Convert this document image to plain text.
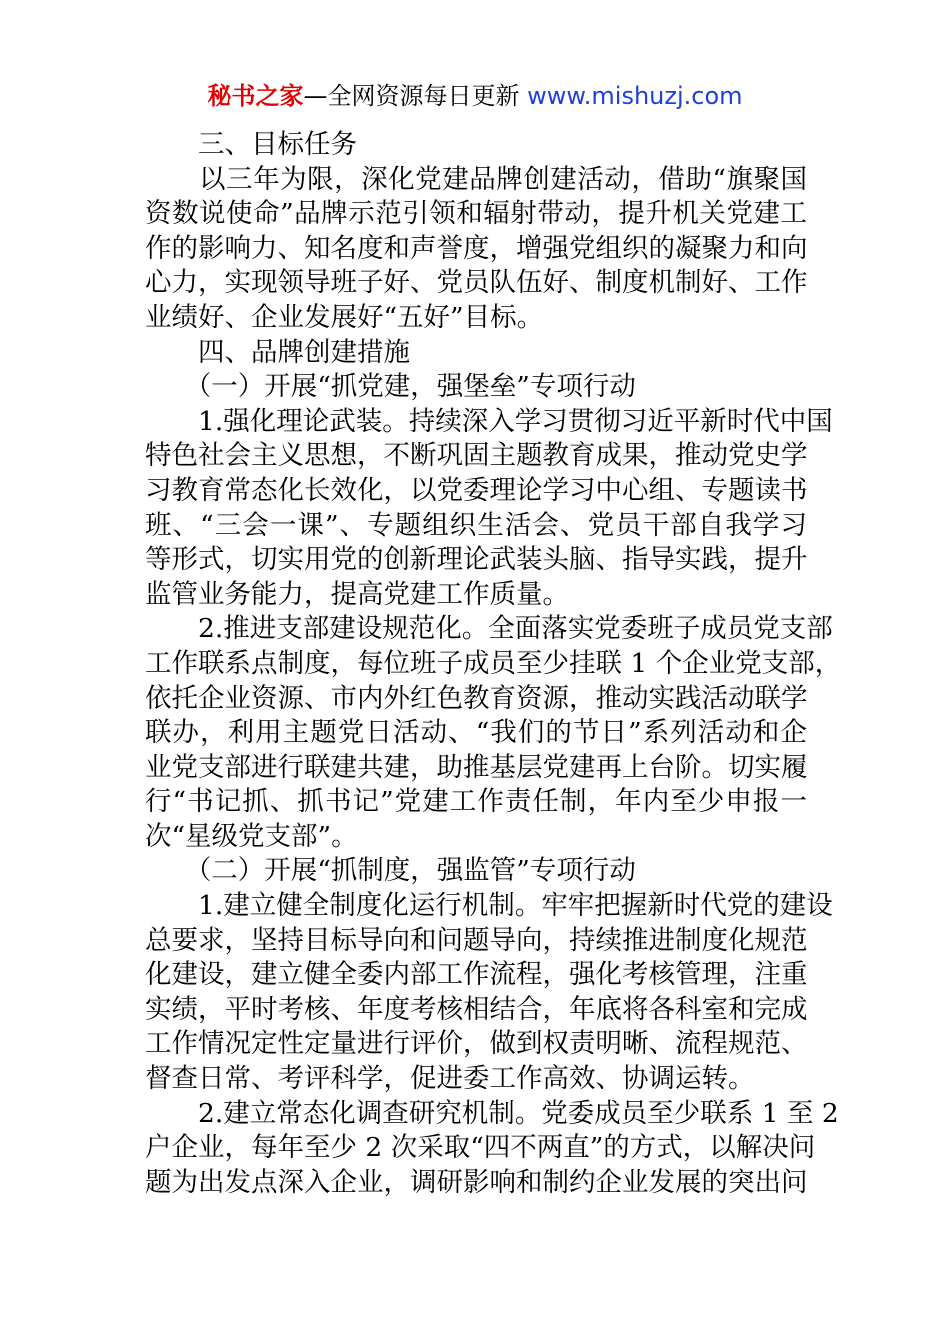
秘书之家—全网资源每日更新 www.mishuzj.com
　　三、目标任务
　　以三年为限，深化党建品牌创建活动，借助“旗聚国
资数说使命”品牌示范引领和辐射带动，提升机关党建工
作的影响力、知名度和声誉度，增强党组织的凝聚力和向
心力，实现领导班子好、党员队伍好、制度机制好、工作
业绩好、企业发展好“五好”目标。
　　四、品牌创建措施
　　（一）开展“抓党建，强堡垒”专项行动
　　1.强化理论武装。持续深入学习贯彻习近平新时代中国
特色社会主义思想，不断巩固主题教育成果，推动党史学
习教育常态化长效化，以党委理论学习中心组、专题读书
班、“三会一课”、专题组织生活会、党员干部自我学习
等形式，切实用党的创新理论武装头脑、指导实践，提升
监管业务能力，提高党建工作质量。
　　2.推进支部建设规范化。全面落实党委班子成员党支部
工作联系点制度，每位班子成员至少挂联 1 个企业党支部，
依托企业资源、市内外红色教育资源，推动实践活动联学
联办，利用主题党日活动、“我们的节日”系列活动和企
业党支部进行联建共建，助推基层党建再上台阶。切实履
行“书记抓、抓书记”党建工作责任制，年内至少申报一
次“星级党支部”。
　　（二）开展“抓制度，强监管”专项行动
　　1.建立健全制度化运行机制。牢牢把握新时代党的建设
总要求，坚持目标导向和问题导向，持续推进制度化规范
化建设，建立健全委内部工作流程，强化考核管理，注重
实绩，平时考核、年度考核相结合，年底将各科室和完成
工作情况定性定量进行评价，做到权责明晰、流程规范、
督查日常、考评科学，促进委工作高效、协调运转。
　　2.建立常态化调查研究机制。党委成员至少联系 1 至 2
户企业，每年至少 2 次采取“四不两直”的方式，以解决问
题为出发点深入企业，调研影响和制约企业发展的突出问
